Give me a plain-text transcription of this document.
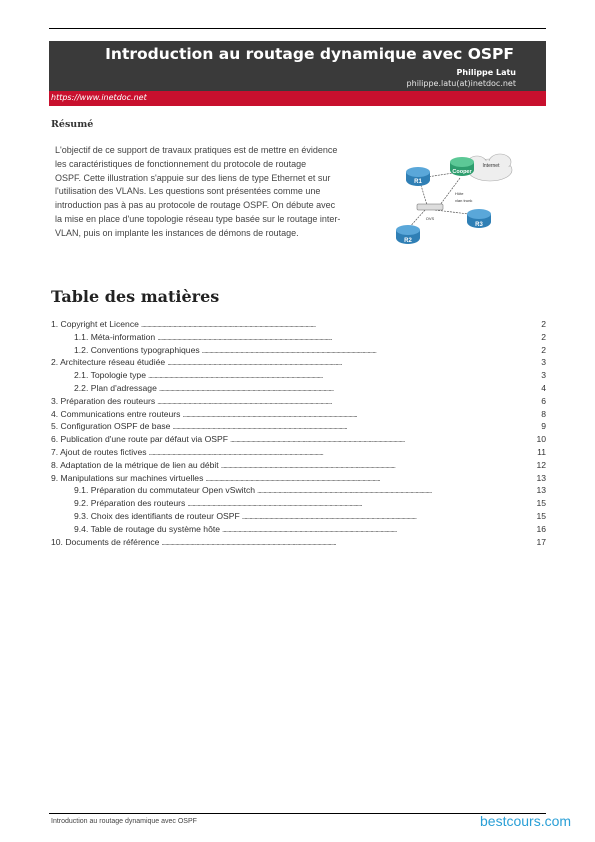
Introduction au routage dynamique avec OSPF
Philippe Latu
philippe.latu(at)inetdoc.net
https://www.inetdoc.net
Résumé
L'objectif de ce support de travaux pratiques est de mettre en évidence
les caractéristiques de fonctionnement du protocole de routage
OSPF. Cette illustration s'appuie sur des liens de type Ethernet et sur
l'utilisation des VLANs. Les questions sont présentées comme une
introduction pas à pas au protocole de routage OSPF. On débute avec
la mise en place d'une topologie réseau type basée sur le routage inter-
VLAN, puis on implante les instances de démons de routage.
Internet
OVS
Hôte
vlan trunk
R1
Cooper
R2
R3
Table des matières
1. Copyright et Licence . . .	2
1.1. Méta-information . . .	2
1.2. Conventions typographiques . . .	2
2. Architecture réseau étudiée . . .	3
2.1. Topologie type . . .	3
2.2. Plan d'adressage . . .	4
3. Préparation des routeurs . . .	6
4. Communications entre routeurs . . .	8
5. Configuration OSPF de base . . .	9
6. Publication d'une route par défaut via OSPF . . .	10
7. Ajout de routes fictives . . .	11
8. Adaptation de la métrique de lien au débit . . .	12
9. Manipulations sur machines virtuelles . . .	13
9.1. Préparation du commutateur Open vSwitch . . .	13
9.2. Préparation des routeurs . . .	15
9.3. Choix des identifiants de routeur OSPF . . .	15
9.4. Table de routage du système hôte . . .	16
10. Documents de référence . . .	17
Introduction au routage dynamique avec OSPF	bestcours.com
